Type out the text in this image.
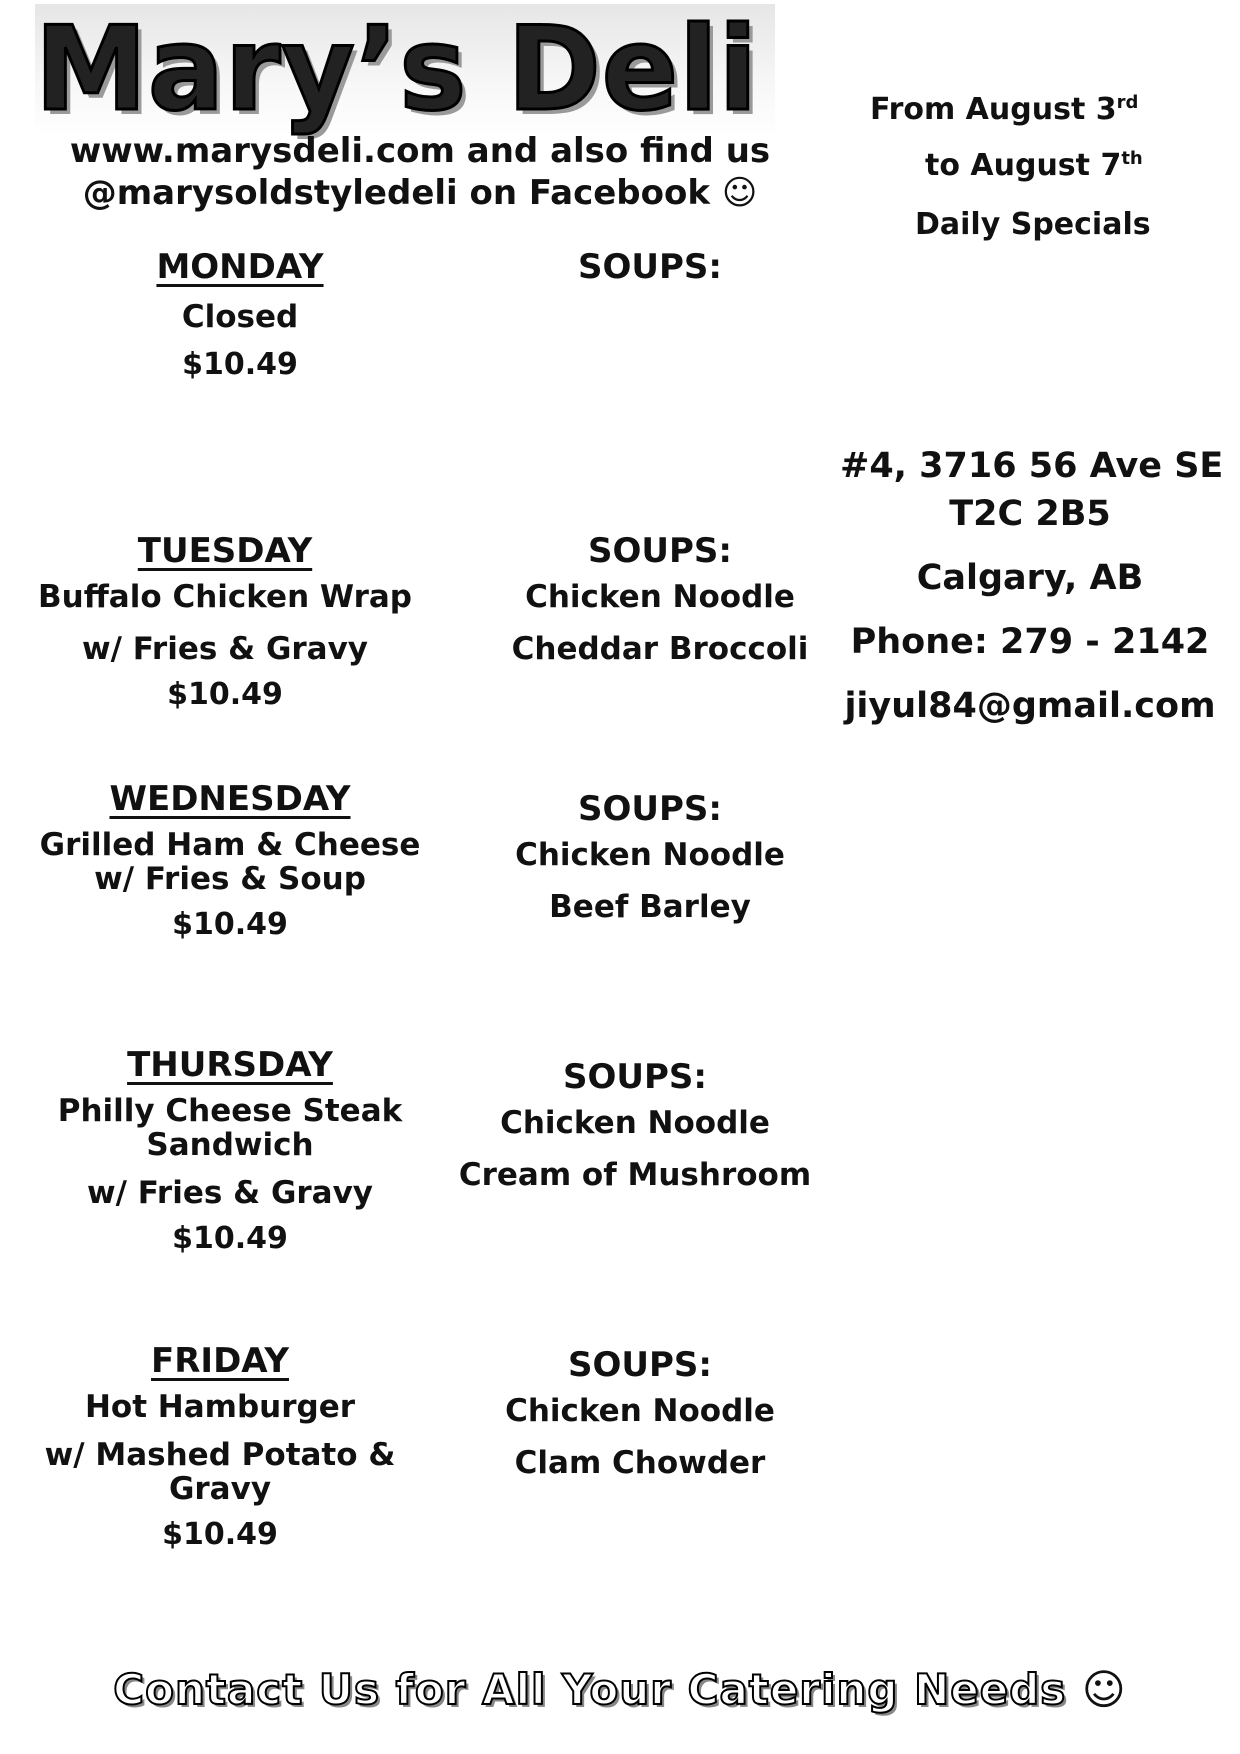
Mary’s Deli
www.marysdeli.com and also find us
@marysoldstyledeli on Facebook ☺
From August 3rd
to August 7th
Daily Specials
MONDAY
Closed
$10.49
SOUPS:
TUESDAY
Buffalo Chicken Wrap
w/ Fries & Gravy
$10.49
SOUPS:
Chicken Noodle
Cheddar Broccoli
WEDNESDAY
Grilled Ham & Cheese
w/ Fries & Soup
$10.49
SOUPS:
Chicken Noodle
Beef Barley
THURSDAY
Philly Cheese Steak
Sandwich
w/ Fries & Gravy
$10.49
SOUPS:
Chicken Noodle
Cream of Mushroom
FRIDAY
Hot Hamburger
w/ Mashed Potato &
Gravy
$10.49
SOUPS:
Chicken Noodle
Clam Chowder
#4, 3716 56 Ave SE
T2C 2B5
Calgary, AB
Phone: 279 - 2142
jiyul84@gmail.com
Contact Us for All Your Catering Needs ☺
